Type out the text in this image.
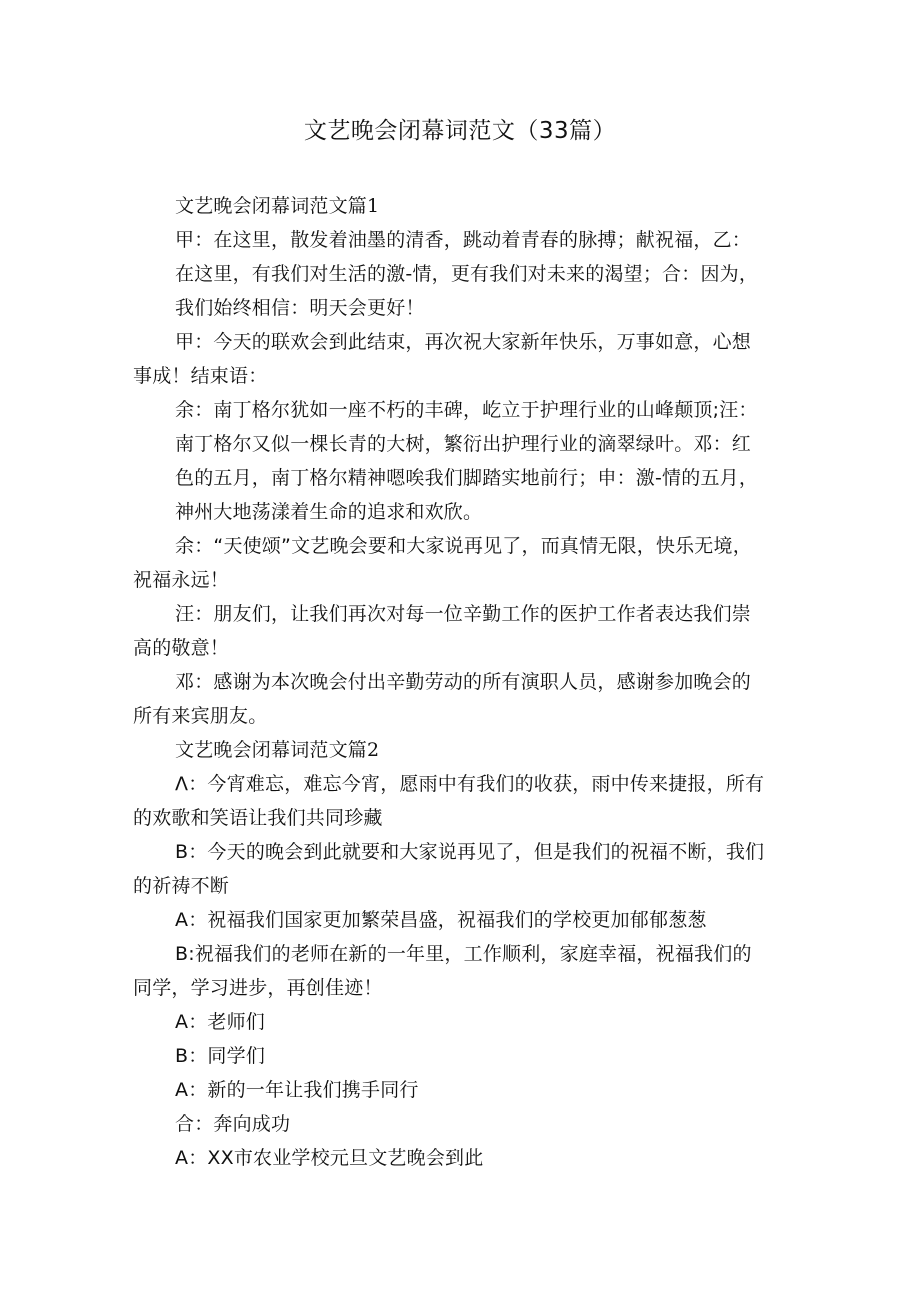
文艺晚会闭幕词范文（33篇）
文艺晚会闭幕词范文篇1
甲：在这里，散发着油墨的清香，跳动着青春的脉搏；献祝福，乙：
在这里，有我们对生活的激-情，更有我们对未来的渴望；合：因为，
我们始终相信：明天会更好！
甲：今天的联欢会到此结束，再次祝大家新年快乐，万事如意，心想
事成！结束语：
余：南丁格尔犹如一座不朽的丰碑，屹立于护理行业的山峰颠顶;汪：
南丁格尔又似一棵长青的大树，繁衍出护理行业的滴翠绿叶。邓：红
色的五月，南丁格尔精神嗯唉我们脚踏实地前行；申：激-情的五月，
神州大地荡漾着生命的追求和欢欣。
余：“天使颂”文艺晚会要和大家说再见了，而真情无限，快乐无境，
祝福永远！
汪：朋友们，让我们再次对每一位辛勤工作的医护工作者表达我们崇
高的敬意！
邓：感谢为本次晚会付出辛勤劳动的所有演职人员，感谢参加晚会的
所有来宾朋友。
文艺晚会闭幕词范文篇2
Λ：今宵难忘，难忘今宵，愿雨中有我们的收获，雨中传来捷报，所有
的欢歌和笑语让我们共同珍藏
B：今天的晚会到此就要和大家说再见了，但是我们的祝福不断，我们
的祈祷不断
A：祝福我们国家更加繁荣昌盛，祝福我们的学校更加郁郁葱葱
B:祝福我们的老师在新的一年里，工作顺利，家庭幸福，祝福我们的
同学，学习进步，再创佳迹！
A：老师们
B：同学们
A：新的一年让我们携手同行
合：奔向成功
A：XX市农业学校元旦文艺晚会到此
